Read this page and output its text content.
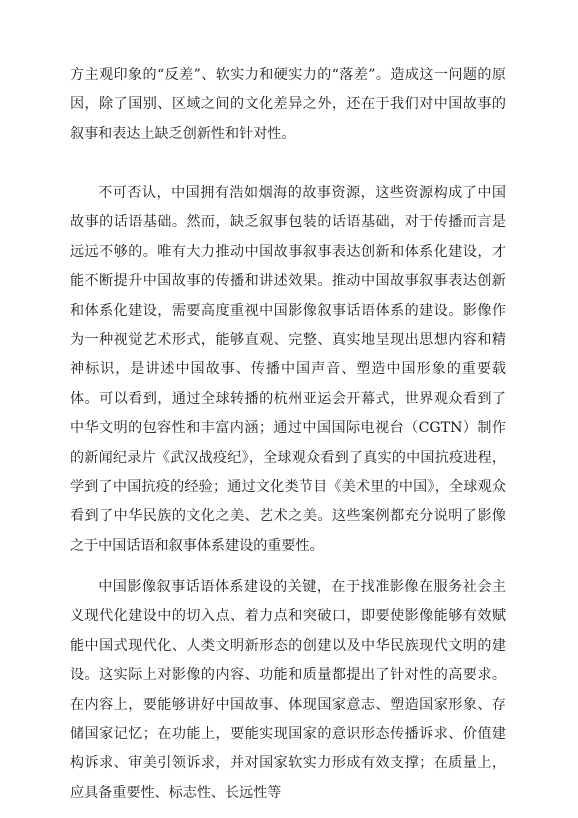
方主观印象的“反差”、软实力和硬实力的“落差”。造成这一问题的原因，除了国别、区域之间的文化差异之外，还在于我们对中国故事的叙事和表达上缺乏创新性和针对性。

不可否认，中国拥有浩如烟海的故事资源，这些资源构成了中国故事的话语基础。然而，缺乏叙事包装的话语基础，对于传播而言是远远不够的。唯有大力推动中国故事叙事表达创新和体系化建设，才能不断提升中国故事的传播和讲述效果。推动中国故事叙事表达创新和体系化建设，需要高度重视中国影像叙事话语体系的建设。影像作为一种视觉艺术形式，能够直观、完整、真实地呈现出思想内容和精神标识，是讲述中国故事、传播中国声音、塑造中国形象的重要载体。可以看到，通过全球转播的杭州亚运会开幕式，世界观众看到了中华文明的包容性和丰富内涵；通过中国国际电视台（CGTN）制作的新闻纪录片《武汉战疫纪》，全球观众看到了真实的中国抗疫进程，学到了中国抗疫的经验；通过文化类节目《美术里的中国》，全球观众看到了中华民族的文化之美、艺术之美。这些案例都充分说明了影像之于中国话语和叙事体系建设的重要性。

中国影像叙事话语体系建设的关键，在于找准影像在服务社会主义现代化建设中的切入点、着力点和突破口，即要使影像能够有效赋能中国式现代化、人类文明新形态的创建以及中华民族现代文明的建设。这实际上对影像的内容、功能和质量都提出了针对性的高要求。在内容上，要能够讲好中国故事、体现国家意志、塑造国家形象、存储国家记忆；在功能上，要能实现国家的意识形态传播诉求、价值建构诉求、审美引领诉求，并对国家软实力形成有效支撑；在质量上，应具备重要性、标志性、长远性等
